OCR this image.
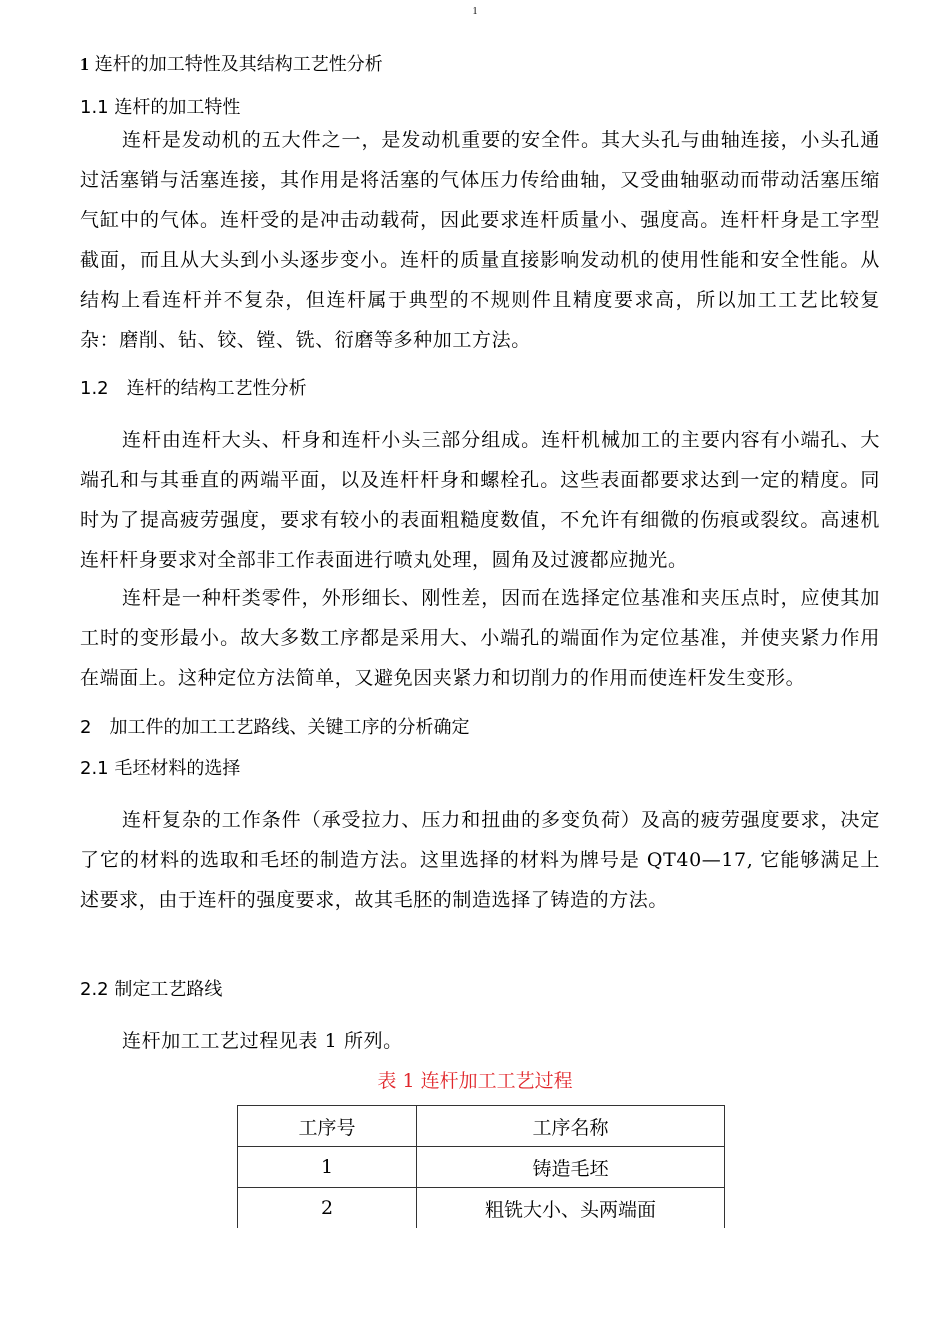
1
1 连杆的加工特性及其结构工艺性分析
1.1 连杆的加工特性

连杆是发动机的五大件之一，是发动机重要的安全件。其大头孔与曲轴连接，小头孔通过活塞销与活塞连接，其作用是将活塞的气体压力传给曲轴，又受曲轴驱动而带动活塞压缩气缸中的气体。连杆受的是冲击动载荷，因此要求连杆质量小、强度高。连杆杆身是工字型截面，而且从大头到小头逐步变小。连杆的质量直接影响发动机的使用性能和安全性能。从结构上看连杆并不复杂，但连杆属于典型的不规则件且精度要求高，所以加工工艺比较复杂：磨削、钻、铰、镗、铣、衍磨等多种加工方法。

1.2　连杆的结构工艺性分析

连杆由连杆大头、杆身和连杆小头三部分组成。连杆机械加工的主要内容有小端孔、大端孔和与其垂直的两端平面，以及连杆杆身和螺栓孔。这些表面都要求达到一定的精度。同时为了提高疲劳强度，要求有较小的表面粗糙度数值，不允许有细微的伤痕或裂纹。高速机连杆杆身要求对全部非工作表面进行喷丸处理，圆角及过渡都应抛光。

连杆是一种杆类零件，外形细长、刚性差，因而在选择定位基准和夹压点时，应使其加工时的变形最小。故大多数工序都是采用大、小端孔的端面作为定位基准，并使夹紧力作用在端面上。这种定位方法简单，又避免因夹紧力和切削力的作用而使连杆发生变形。

2　加工件的加工工艺路线、关键工序的分析确定
2.1 毛坯材料的选择

连杆复杂的工作条件（承受拉力、压力和扭曲的多变负荷）及高的疲劳强度要求，决定了它的材料的选取和毛坯的制造方法。这里选择的材料为牌号是 QT40—17, 它能够满足上述要求，由于连杆的强度要求，故其毛胚的制造选择了铸造的方法。

2.2 制定工艺路线

连杆加工工艺过程见表 1 所列。

表 1 连杆加工工艺过程
工序号	工序名称
1	铸造毛坯
2	粗铣大小、头两端面
